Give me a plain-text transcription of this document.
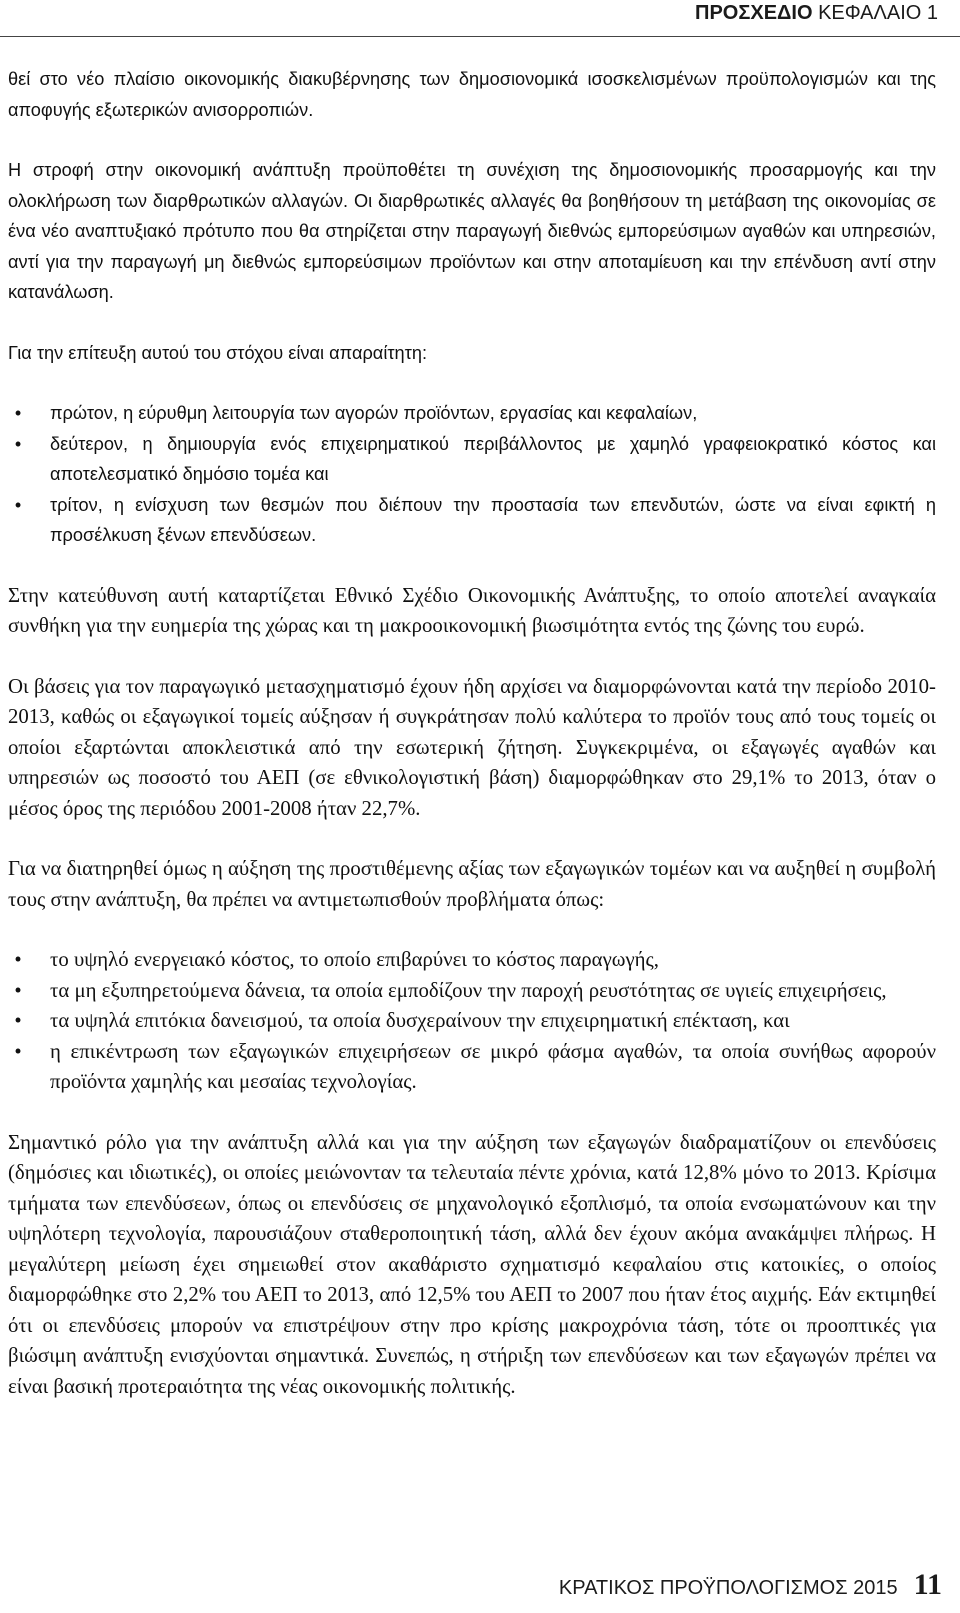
ΠΡΟΣΧΕΔΙΟ ΚΕΦΑΛΑΙΟ 1

θεί στο νέο πλαίσιο οικονομικής διακυβέρνησης των δημοσιονομικά ισοσκελισμένων προϋπολογισμών και της αποφυγής εξωτερικών ανισορροπιών.

Η στροφή στην οικονομική ανάπτυξη προϋποθέτει τη συνέχιση της δημοσιονομικής προσαρμογής και την ολοκλήρωση των διαρθρωτικών αλλαγών. Οι διαρθρωτικές αλλαγές θα βοηθήσουν τη μετάβαση της οικονομίας σε ένα νέο αναπτυξιακό πρότυπο που θα στηρίζεται στην παραγωγή διεθνώς εμπορεύσιμων αγαθών και υπηρεσιών, αντί για την παραγωγή μη διεθνώς εμπορεύσιμων προϊόντων και στην αποταμίευση και την επένδυση αντί στην κατανάλωση.

Για την επίτευξη αυτού του στόχου είναι απαραίτητη:

•	πρώτον, η εύρυθμη λειτουργία των αγορών προϊόντων, εργασίας και κεφαλαίων,
•	δεύτερον, η δημιουργία ενός επιχειρηματικού περιβάλλοντος με χαμηλό γραφειοκρατικό κόστος και αποτελεσματικό δημόσιο τομέα και
•	τρίτον, η ενίσχυση των θεσμών που διέπουν την προστασία των επενδυτών, ώστε να είναι εφικτή η προσέλκυση ξένων επενδύσεων.

Στην κατεύθυνση αυτή καταρτίζεται Εθνικό Σχέδιο Οικονομικής Ανάπτυξης, το οποίο αποτελεί αναγκαία συνθήκη για την ευημερία της χώρας και τη μακροοικονομική βιωσιμότητα εντός της ζώνης του ευρώ.

Οι βάσεις για τον παραγωγικό μετασχηματισμό έχουν ήδη αρχίσει να διαμορφώνονται κατά την περίοδο 2010-2013, καθώς οι εξαγωγικοί τομείς αύξησαν ή συγκράτησαν πολύ καλύτερα το προϊόν τους από τους τομείς οι οποίοι εξαρτώνται αποκλειστικά από την εσωτερική ζήτηση. Συγκεκριμένα, οι εξαγωγές αγαθών και υπηρεσιών ως ποσοστό του ΑΕΠ (σε εθνικολογιστική βάση) διαμορφώθηκαν στο 29,1% το 2013, όταν ο μέσος όρος της περιόδου 2001-2008 ήταν 22,7%.

Για να διατηρηθεί όμως η αύξηση της προστιθέμενης αξίας των εξαγωγικών τομέων και να αυξηθεί η συμβολή τους στην ανάπτυξη, θα πρέπει να αντιμετωπισθούν προβλήματα όπως:

•	το υψηλό ενεργειακό κόστος, το οποίο επιβαρύνει το κόστος παραγωγής,
•	τα μη εξυπηρετούμενα δάνεια, τα οποία εμποδίζουν την παροχή ρευστότητας σε υγιείς επιχειρήσεις,
•	τα υψηλά επιτόκια δανεισμού, τα οποία δυσχεραίνουν την επιχειρηματική επέκταση, και
•	η επικέντρωση των εξαγωγικών επιχειρήσεων σε μικρό φάσμα αγαθών, τα οποία συνήθως αφορούν προϊόντα χαμηλής και μεσαίας τεχνολογίας.

Σημαντικό ρόλο για την ανάπτυξη αλλά και για την αύξηση των εξαγωγών διαδραματίζουν οι επενδύσεις (δημόσιες και ιδιωτικές), οι οποίες μειώνονταν τα τελευταία πέντε χρόνια, κατά 12,8% μόνο το 2013. Κρίσιμα τμήματα των επενδύσεων, όπως οι επενδύσεις σε μηχανολογικό εξοπλισμό, τα οποία ενσωματώνουν και την υψηλότερη τεχνολογία, παρουσιάζουν σταθεροποιητική τάση, αλλά δεν έχουν ακόμα ανακάμψει πλήρως. Η μεγαλύτερη μείωση έχει σημειωθεί στον ακαθάριστο σχηματισμό κεφαλαίου στις κατοικίες, ο οποίος διαμορφώθηκε στο 2,2% του ΑΕΠ το 2013, από 12,5% του ΑΕΠ το 2007 που ήταν έτος αιχμής. Εάν εκτιμηθεί ότι οι επενδύσεις μπορούν να επιστρέψουν στην προ κρίσης μακροχρόνια τάση, τότε οι προοπτικές για βιώσιμη ανάπτυξη ενισχύονται σημαντικά. Συνεπώς, η στήριξη των επενδύσεων και των εξαγωγών πρέπει να είναι βασική προτεραιότητα της νέας οικονομικής πολιτικής.

ΚΡΑΤΙΚΟΣ ΠΡΟΫΠΟΛΟΓΙΣΜΟΣ 2015 11
